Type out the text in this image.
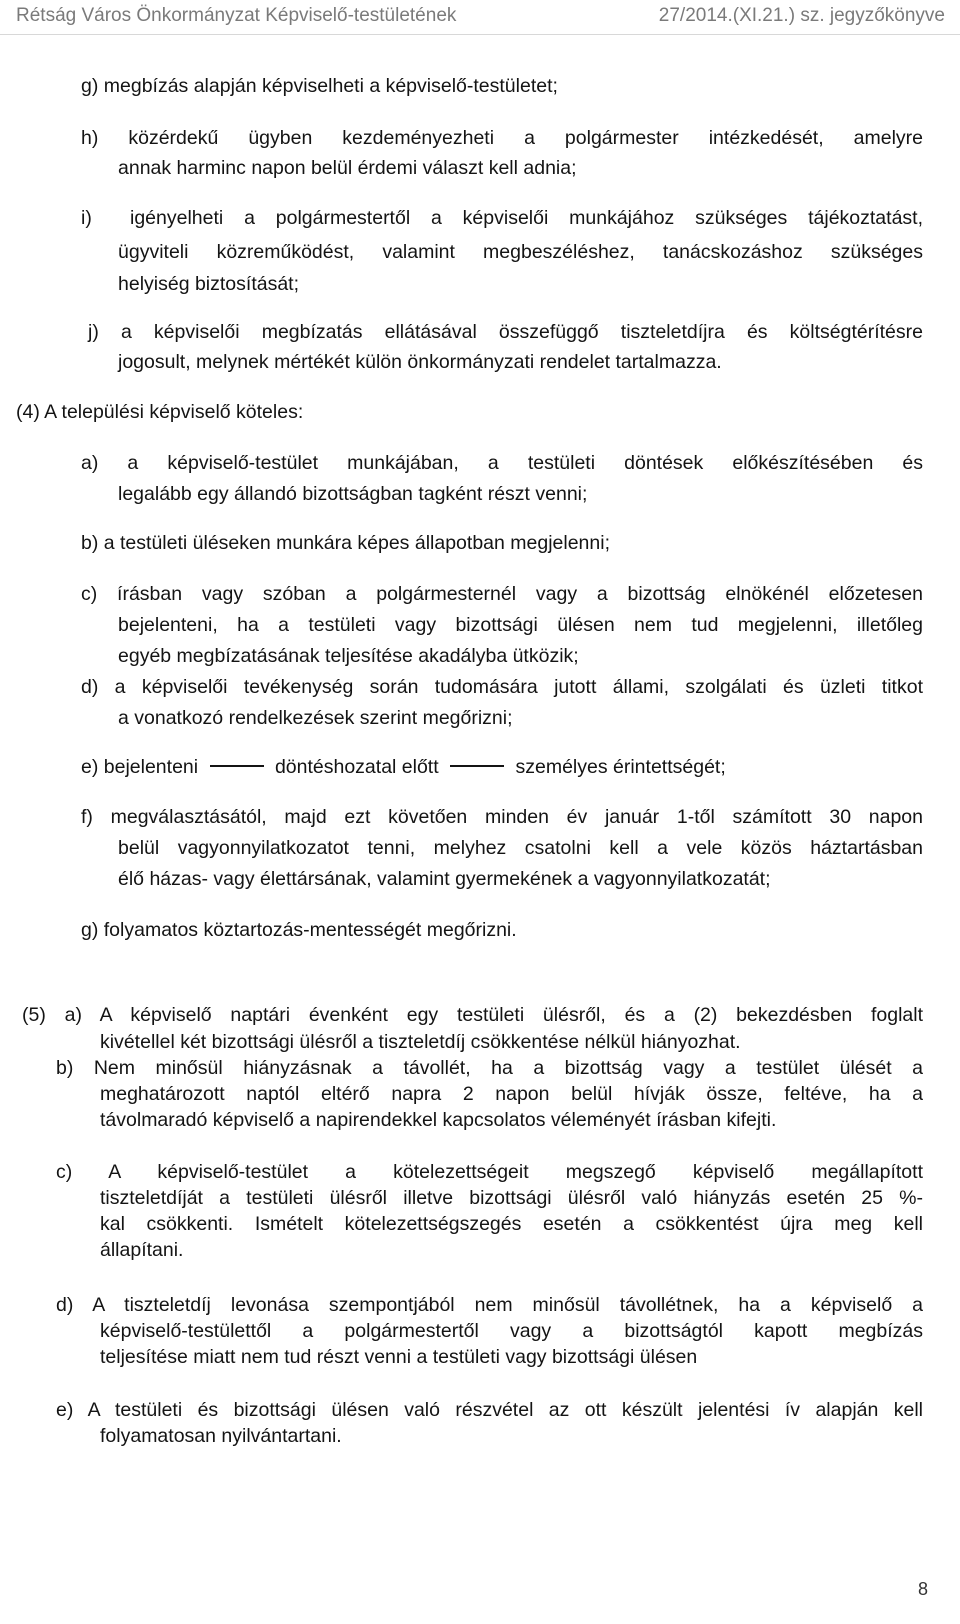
Rétság Város Önkormányzat Képviselő-testületének	27/2014.(XI.21.) sz. jegyzőkönyve
g) megbízás alapján képviselheti a képviselő-testületet;
h) közérdekű ügyben kezdeményezheti a polgármester intézkedését, amelyre
annak harminc napon belül érdemi választ kell adnia;
i) igényelheti a polgármestertől a képviselői munkájához szükséges tájékoztatást,
ügyviteli közreműködést, valamint megbeszéléshez, tanácskozáshoz szükséges
helyiség biztosítását;
j) a képviselői megbízatás ellátásával összefüggő tiszteletdíjra és költségtérítésre
jogosult, melynek mértékét külön önkormányzati rendelet tartalmazza.
(4) A települési képviselő köteles:
a) a képviselő-testület munkájában, a testületi döntések előkészítésében és
legalább egy állandó bizottságban tagként részt venni;
b) a testületi üléseken munkára képes állapotban megjelenni;
c) írásban vagy szóban a polgármesternél vagy a bizottság elnökénél előzetesen
bejelenteni, ha a testületi vagy bizottsági ülésen nem tud megjelenni, illetőleg
egyéb megbízatásának teljesítése akadályba ütközik;
d) a képviselői tevékenység során tudomására jutott állami, szolgálati és üzleti titkot
a vonatkozó rendelkezések szerint megőrizni;
e) bejelenteni	döntéshozatal előtt	személyes érintettségét;
f) megválasztásától, majd ezt követően minden év január 1-től számított 30 napon
belül vagyonnyilatkozatot tenni, melyhez csatolni kell a vele közös háztartásban
élő házas- vagy élettársának, valamint gyermekének a vagyonnyilatkozatát;
g) folyamatos köztartozás-mentességét megőrizni.
(5) a) A képviselő naptári évenként egy testületi ülésről, és a (2) bekezdésben foglalt
kivétellel két bizottsági ülésről a tiszteletdíj csökkentése nélkül hiányozhat.
b) Nem minősül hiányzásnak a távollét, ha a bizottság vagy a testület ülését a
meghatározott naptól eltérő napra 2 napon belül hívják össze, feltéve, ha a
távolmaradó képviselő a napirendekkel kapcsolatos véleményét írásban kifejti.
c) A képviselő-testület a kötelezettségeit megszegő képviselő megállapított
tiszteletdíját a testületi ülésről illetve bizottsági ülésről való hiányzás esetén 25 %-
kal csökkenti. Ismételt kötelezettségszegés esetén a csökkentést újra meg kell
állapítani.
d) A tiszteletdíj levonása szempontjából nem minősül távollétnek, ha a képviselő a
képviselő-testülettől a polgármestertől vagy a bizottságtól kapott megbízás
teljesítése miatt nem tud részt venni a testületi vagy bizottsági ülésen
e) A testületi és bizottsági ülésen való részvétel az ott készült jelentési ív alapján kell
folyamatosan nyilvántartani.
8
